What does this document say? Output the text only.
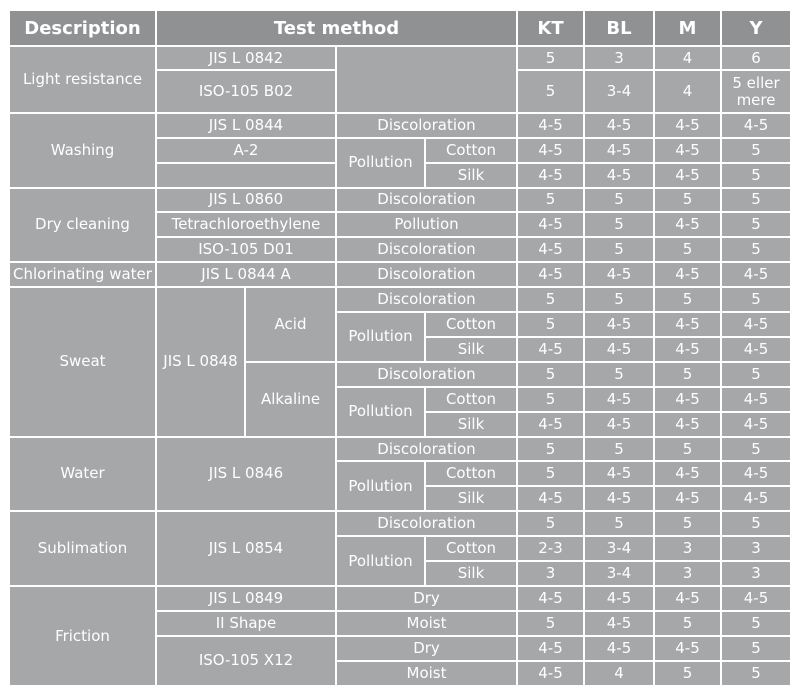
Description	Test method				KT	BL	M	Y
Light resistance	JIS L 0842				5	3	4	6
	ISO-105 B02				5	3-4	4	5 eller mere
Washing	JIS L 0844		Discoloration		4-5	4-5	4-5	4-5
	A-2		Pollution	Cotton	4-5	4-5	4-5	5
				Silk	4-5	4-5	4-5	5
Dry cleaning	JIS L 0860		Discoloration		5	5	5	5
	Tetrachloroethylene		Pollution		4-5	5	4-5	5
	ISO-105 D01		Discoloration		4-5	5	5	5
Chlorinating water	JIS L 0844 A		Discoloration		4-5	4-5	4-5	4-5
Sweat	JIS L 0848	Acid	Discoloration		5	5	5	5
			Pollution	Cotton	5	4-5	4-5	4-5
				Silk	4-5	4-5	4-5	4-5
		Alkaline	Discoloration		5	5	5	5
			Pollution	Cotton	5	4-5	4-5	4-5
				Silk	4-5	4-5	4-5	4-5
Water	JIS L 0846		Discoloration		5	5	5	5
			Pollution	Cotton	5	4-5	4-5	4-5
				Silk	4-5	4-5	4-5	4-5
Sublimation	JIS L 0854		Discoloration		5	5	5	5
			Pollution	Cotton	2-3	3-4	3	3
				Silk	3	3-4	3	3
Friction	JIS L 0849		Dry		4-5	4-5	4-5	4-5
	II Shape		Moist		5	4-5	5	5
	ISO-105 X12		Dry		4-5	4-5	4-5	5
			Moist		4-5	4	5	5
